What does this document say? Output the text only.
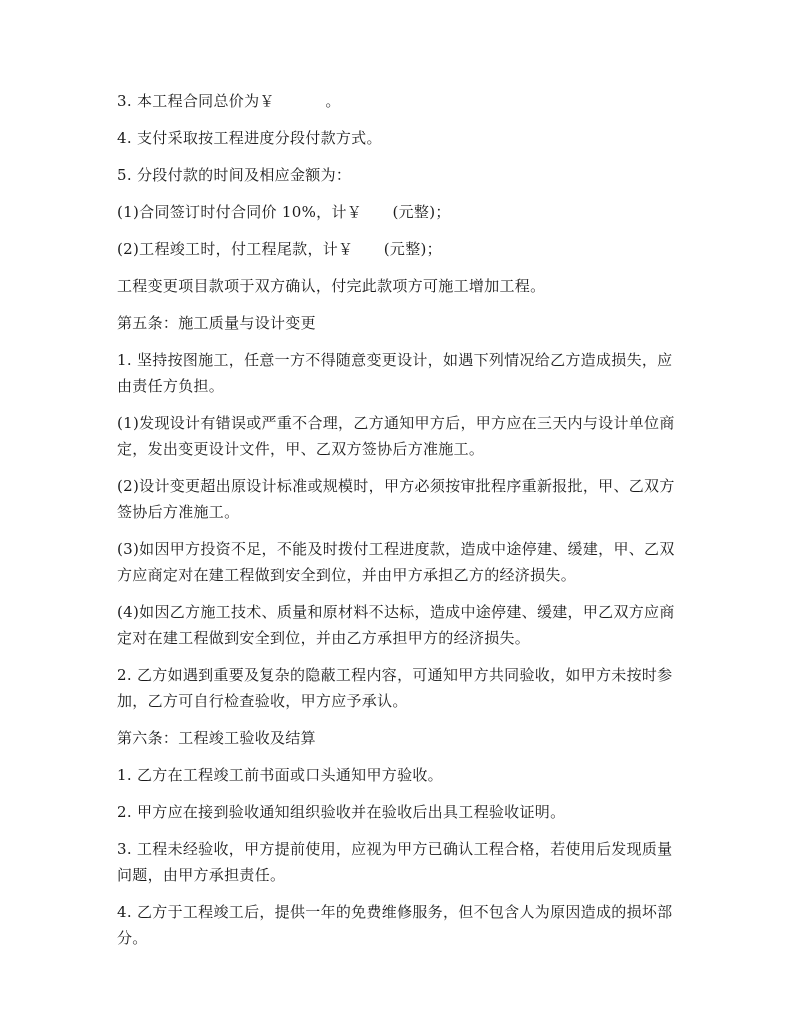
3. 本工程合同总价为￥          。

4. 支付采取按工程进度分段付款方式。

5. 分段付款的时间及相应金额为：

(1)合同签订时付合同价 10%，计￥      (元整)；

(2)工程竣工时，付工程尾款，计￥      (元整)；

工程变更项目款项于双方确认，付完此款项方可施工增加工程。

第五条：施工质量与设计变更

1. 坚持按图施工，任意一方不得随意变更设计，如遇下列情况给乙方造成损失，应由责任方负担。

(1)发现设计有错误或严重不合理，乙方通知甲方后，甲方应在三天内与设计单位商定，发出变更设计文件，甲、乙双方签协后方准施工。

(2)设计变更超出原设计标准或规模时，甲方必须按审批程序重新报批，甲、乙双方签协后方准施工。

(3)如因甲方投资不足，不能及时拨付工程进度款，造成中途停建、缓建，甲、乙双方应商定对在建工程做到安全到位，并由甲方承担乙方的经济损失。

(4)如因乙方施工技术、质量和原材料不达标，造成中途停建、缓建，甲乙双方应商定对在建工程做到安全到位，并由乙方承担甲方的经济损失。

2. 乙方如遇到重要及复杂的隐蔽工程内容，可通知甲方共同验收，如甲方未按时参加，乙方可自行检查验收，甲方应予承认。

第六条：工程竣工验收及结算

1. 乙方在工程竣工前书面或口头通知甲方验收。

2. 甲方应在接到验收通知组织验收并在验收后出具工程验收证明。

3. 工程未经验收，甲方提前使用，应视为甲方已确认工程合格，若使用后发现质量问题，由甲方承担责任。

4. 乙方于工程竣工后，提供一年的免费维修服务，但不包含人为原因造成的损坏部分。
